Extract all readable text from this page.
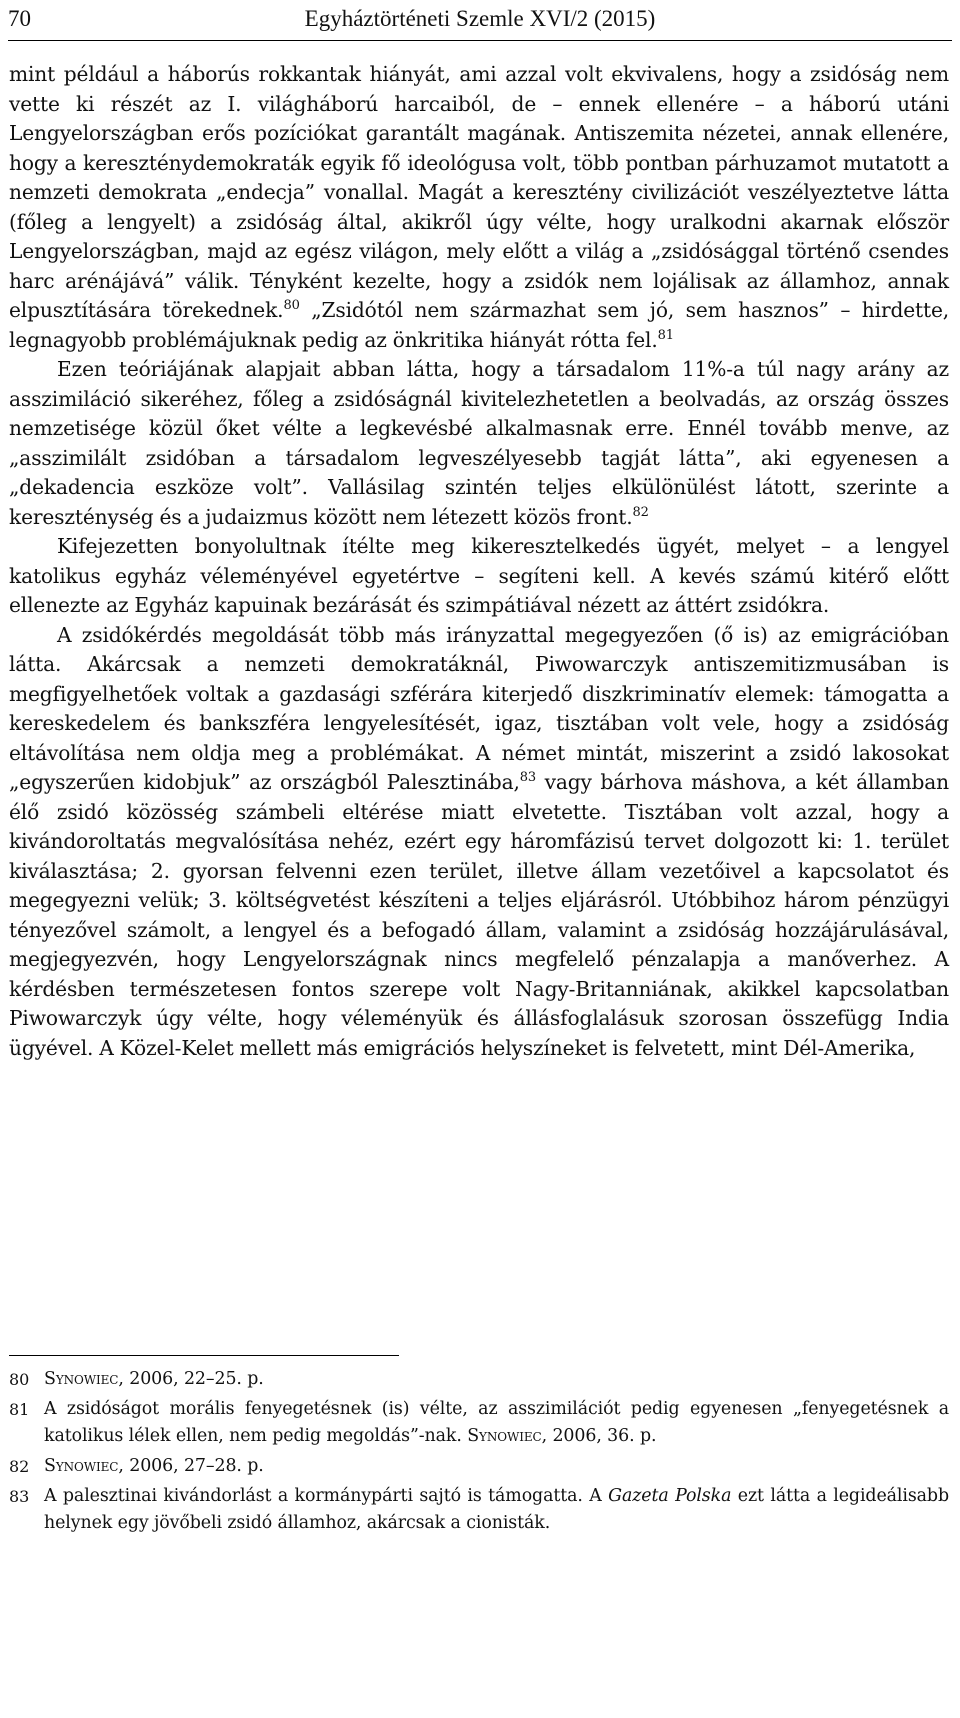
70	Egyháztörténeti Szemle XVI/2 (2015)

mint például a háborús rokkantak hiányát, ami azzal volt ekvivalens, hogy a zsidóság nem vette ki részét az I. világháború harcaiból, de – ennek ellenére – a háború utáni Lengyelországban erős pozíciókat garantált magának. Antiszemita nézetei, annak ellenére, hogy a kereszténydemokraták egyik fő ideológusa volt, több pontban párhuzamot mutatott a nemzeti demokrata „endecja” vonallal. Magát a keresztény civilizációt veszélyeztetve látta (főleg a lengyelt) a zsidóság által, akikről úgy vélte, hogy uralkodni akarnak először Lengyelországban, majd az egész világon, mely előtt a világ a „zsidósággal történő csendes harc arénájává” válik. Tényként kezelte, hogy a zsidók nem lojálisak az államhoz, annak elpusztítására törekednek.$^{80}$ „Zsidótól nem származhat sem jó, sem hasznos” – hirdette, legnagyobb problémájuknak pedig az önkritika hiányát rótta fel.$^{81}$

Ezen teóriájának alapjait abban látta, hogy a társadalom 11%-a túl nagy arány az asszimiláció sikeréhez, főleg a zsidóságnál kivitelezhetetlen a beolvadás, az ország összes nemzetisége közül őket vélte a legkevésbé alkalmasnak erre. Ennél tovább menve, az „asszimilált zsidóban a társadalom legveszélyesebb tagját látta”, aki egyenesen a „dekadencia eszköze volt”. Vallásilag szintén teljes elkülönülést látott, szerinte a kereszténység és a judaizmus között nem létezett közös front.$^{82}$

Kifejezetten bonyolultnak ítélte meg kikeresztelkedés ügyét, melyet – a lengyel katolikus egyház véleményével egyetértve – segíteni kell. A kevés számú kitérő előtt ellenezte az Egyház kapuinak bezárását és szimpátiával nézett az áttért zsidókra.

A zsidókérdés megoldását több más irányzattal megegyezően (ő is) az emigrációban látta. Akárcsak a nemzeti demokratáknál, Piwowarczyk antiszemitizmusában is megfigyelhetőek voltak a gazdasági szférára kiterjedő diszkriminatív elemek: támogatta a kereskedelem és bankszféra lengyelesítését, igaz, tisztában volt vele, hogy a zsidóság eltávolítása nem oldja meg a problémákat. A német mintát, miszerint a zsidó lakosokat „egyszerűen kidobjuk” az országból Palesztinába,$^{83}$ vagy bárhova máshova, a két államban élő zsidó közösség számbeli eltérése miatt elvetette. Tisztában volt azzal, hogy a kivándoroltatás megvalósítása nehéz, ezért egy háromfázisú tervet dolgozott ki: 1. terület kiválasztása; 2. gyorsan felvenni ezen terület, illetve állam vezetőivel a kapcsolatot és megegyezni velük; 3. költségvetést készíteni a teljes eljárásról. Utóbbihoz három pénzügyi tényezővel számolt, a lengyel és a befogadó állam, valamint a zsidóság hozzájárulásával, megjegyezvén, hogy Lengyelországnak nincs megfelelő pénzalapja a manőverhez. A kérdésben természetesen fontos szerepe volt Nagy-Britanniának, akikkel kapcsolatban Piwowarczyk úgy vélte, hogy véleményük és állásfoglalásuk szorosan összefügg India ügyével. A Közel-Kelet mellett más emigrációs helyszíneket is felvetett, mint Dél-Amerika,

80 Synowiec, 2006, 22–25. p.
81 A zsidóságot morális fenyegetésnek (is) vélte, az asszimilációt pedig egyenesen „fenyegetésnek a katolikus lélek ellen, nem pedig megoldás”-nak. Synowiec, 2006, 36. p.
82 Synowiec, 2006, 27–28. p.
83 A palesztinai kivándorlást a kormánypárti sajtó is támogatta. A Gazeta Polska ezt látta a legideálisabb helynek egy jövőbeli zsidó államhoz, akárcsak a cionisták.
